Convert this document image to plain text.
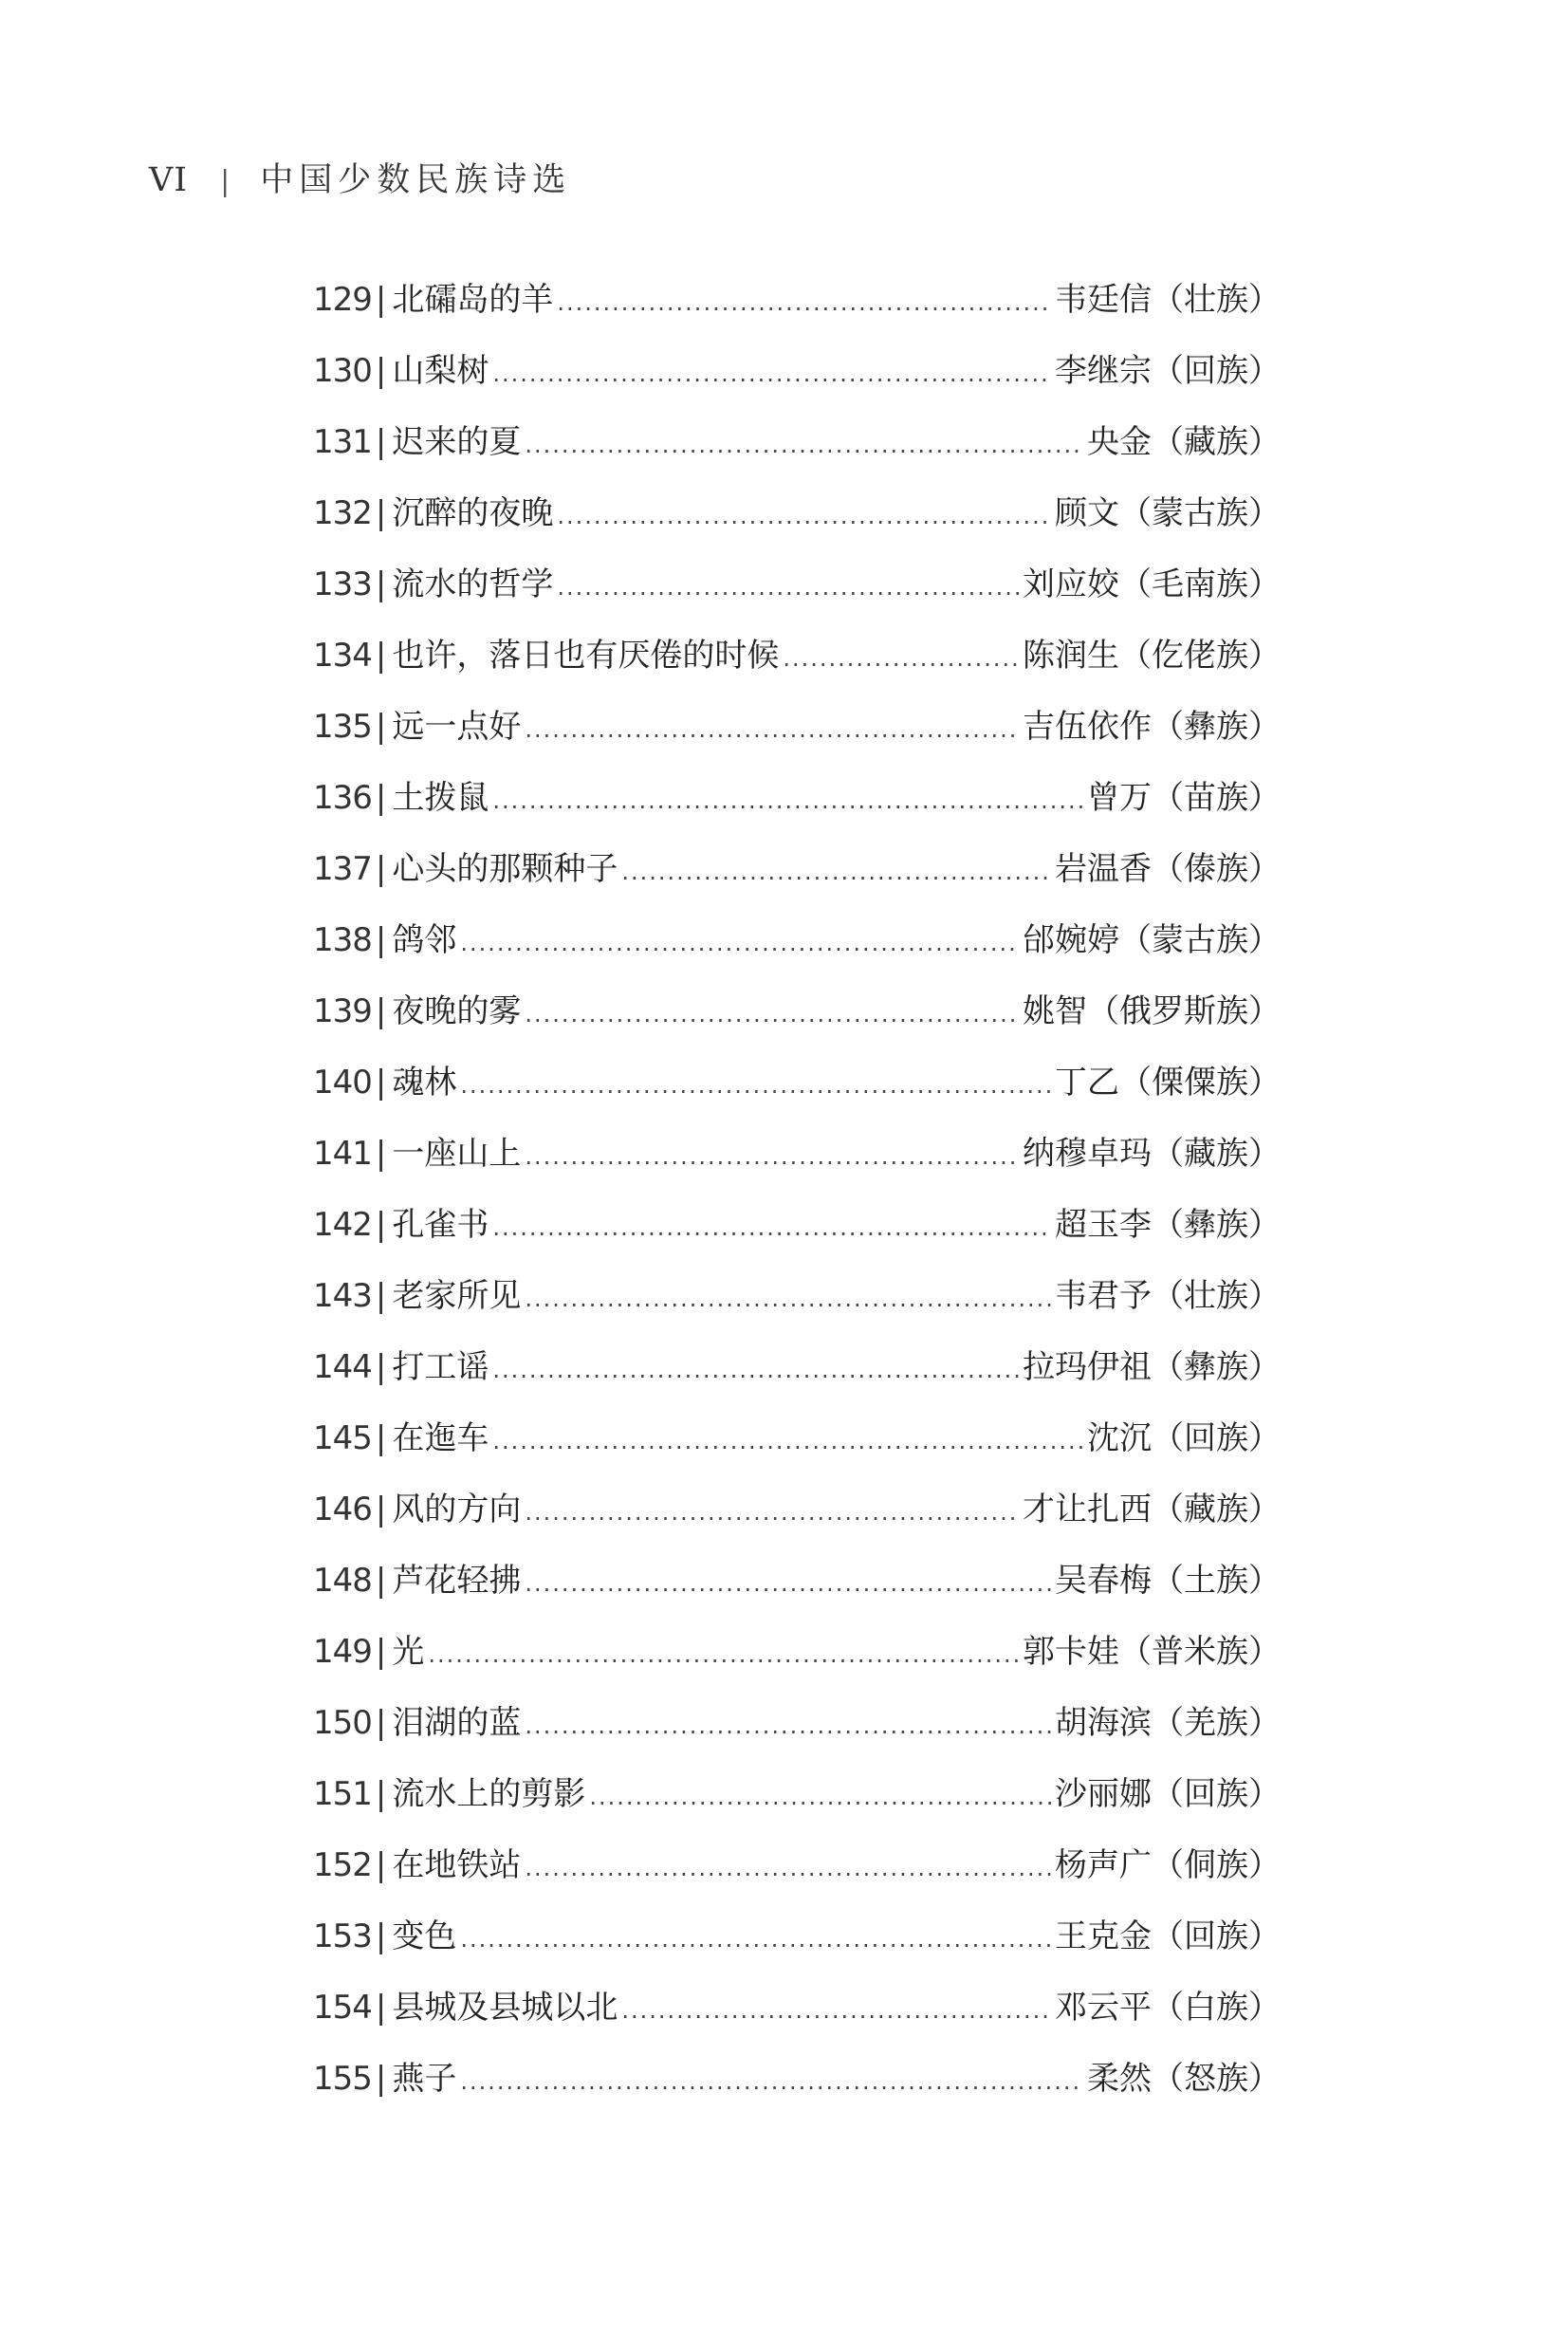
VI | 中国少数民族诗选
129 | 北礵岛的羊 .....	韦廷信（壮族）
130 | 山梨树 .....	李继宗（回族）
131 | 迟来的夏 .....	央金（藏族）
132 | 沉醉的夜晚 .....	顾文（蒙古族）
133 | 流水的哲学 .....	刘应姣（毛南族）
134 | 也许，落日也有厌倦的时候 .....	陈润生（仡佬族）
135 | 远一点好 .....	吉伍依作（彝族）
136 | 土拨鼠 .....	曾万（苗族）
137 | 心头的那颗种子 .....	岩温香（傣族）
138 | 鸽邻 .....	邰婉婷（蒙古族）
139 | 夜晚的雾 .....	姚智（俄罗斯族）
140 | 魂林 .....	丁乙（傈僳族）
141 | 一座山上 .....	纳穆卓玛（藏族）
142 | 孔雀书 .....	超玉李（彝族）
143 | 老家所见 .....	韦君予（壮族）
144 | 打工谣 .....	拉玛伊祖（彝族）
145 | 在迤车 .....	沈沉（回族）
146 | 风的方向 .....	才让扎西（藏族）
148 | 芦花轻拂 .....	吴春梅（土族）
149 | 光 .....	郭卡娃（普米族）
150 | 泪湖的蓝 .....	胡海滨（羌族）
151 | 流水上的剪影 .....	沙丽娜（回族）
152 | 在地铁站 .....	杨声广（侗族）
153 | 变色 .....	王克金（回族）
154 | 县城及县城以北 .....	邓云平（白族）
155 | 燕子 .....	柔然（怒族）
